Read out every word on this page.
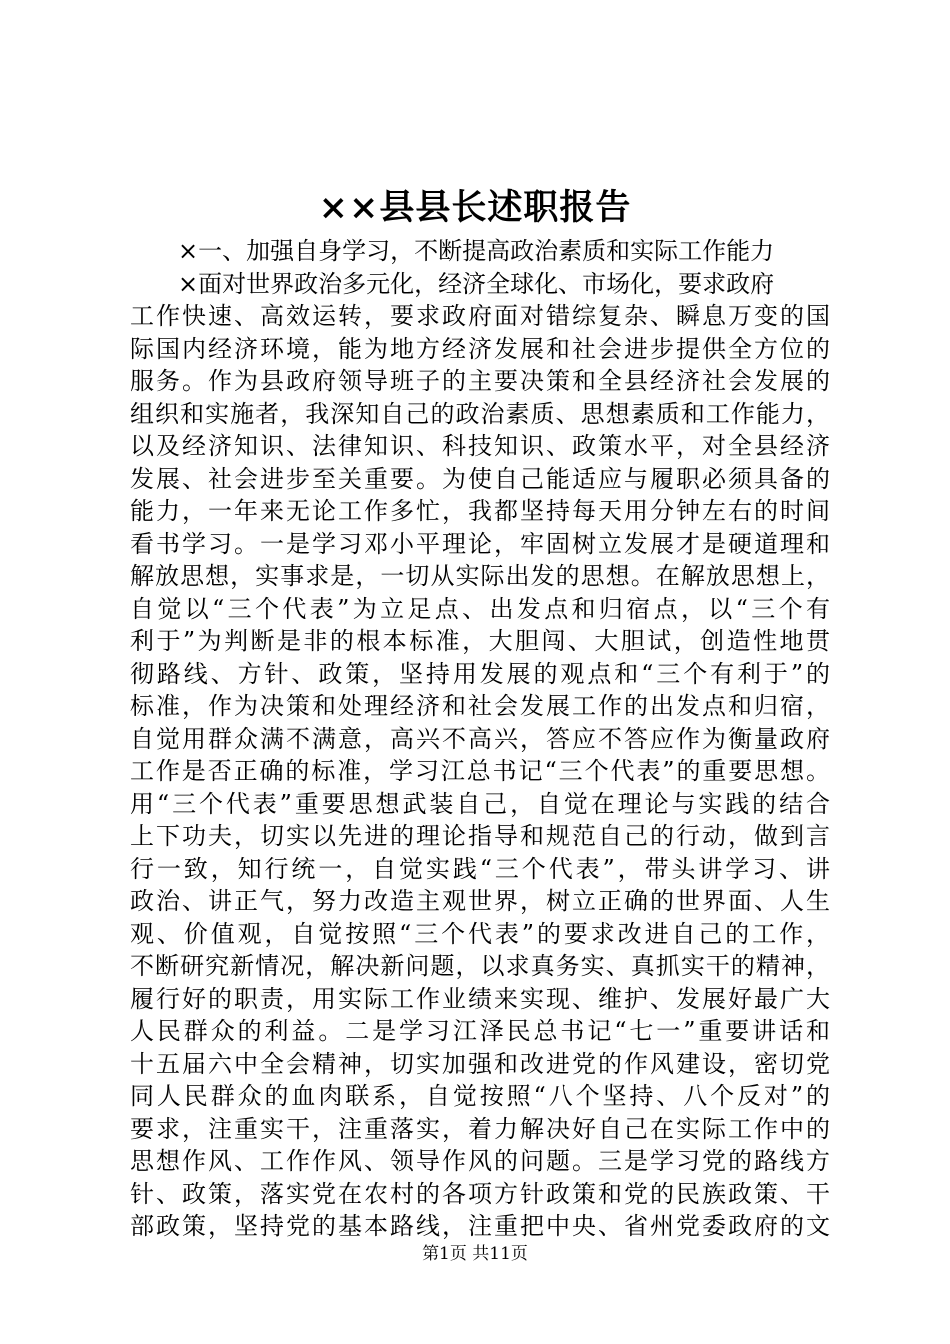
××县县长述职报告
×一、加强自身学习，不断提高政治素质和实际工作能力
×面对世界政治多元化，经济全球化、市场化，要求政府
工作快速、高效运转，要求政府面对错综复杂、瞬息万变的国
际国内经济环境，能为地方经济发展和社会进步提供全方位的
服务。作为县政府领导班子的主要决策和全县经济社会发展的
组织和实施者，我深知自己的政治素质、思想素质和工作能力，
以及经济知识、法律知识、科技知识、政策水平，对全县经济
发展、社会进步至关重要。为使自己能适应与履职必须具备的
能力，一年来无论工作多忙，我都坚持每天用分钟左右的时间
看书学习。一是学习邓小平理论，牢固树立发展才是硬道理和
解放思想，实事求是，一切从实际出发的思想。在解放思想上，
自觉以“三个代表”为立足点、出发点和归宿点，以“三个有
利于”为判断是非的根本标准，大胆闯、大胆试，创造性地贯
彻路线、方针、政策，坚持用发展的观点和“三个有利于”的
标准，作为决策和处理经济和社会发展工作的出发点和归宿，
自觉用群众满不满意，高兴不高兴，答应不答应作为衡量政府
工作是否正确的标准，学习江总书记“三个代表”的重要思想。
用“三个代表”重要思想武装自己，自觉在理论与实践的结合
上下功夫，切实以先进的理论指导和规范自己的行动，做到言
行一致，知行统一，自觉实践“三个代表”，带头讲学习、讲
政治、讲正气，努力改造主观世界，树立正确的世界面、人生
观、价值观，自觉按照“三个代表”的要求改进自己的工作，
不断研究新情况，解决新问题，以求真务实、真抓实干的精神，
履行好的职责，用实际工作业绩来实现、维护、发展好最广大
人民群众的利益。二是学习江泽民总书记“七一”重要讲话和
十五届六中全会精神，切实加强和改进党的作风建设，密切党
同人民群众的血肉联系，自觉按照“八个坚持、八个反对”的
要求，注重实干，注重落实，着力解决好自己在实际工作中的
思想作风、工作作风、领导作风的问题。三是学习党的路线方
针、政策，落实党在农村的各项方针政策和党的民族政策、干
部政策，坚持党的基本路线，注重把中央、省州党委政府的文
第1页 共11页
